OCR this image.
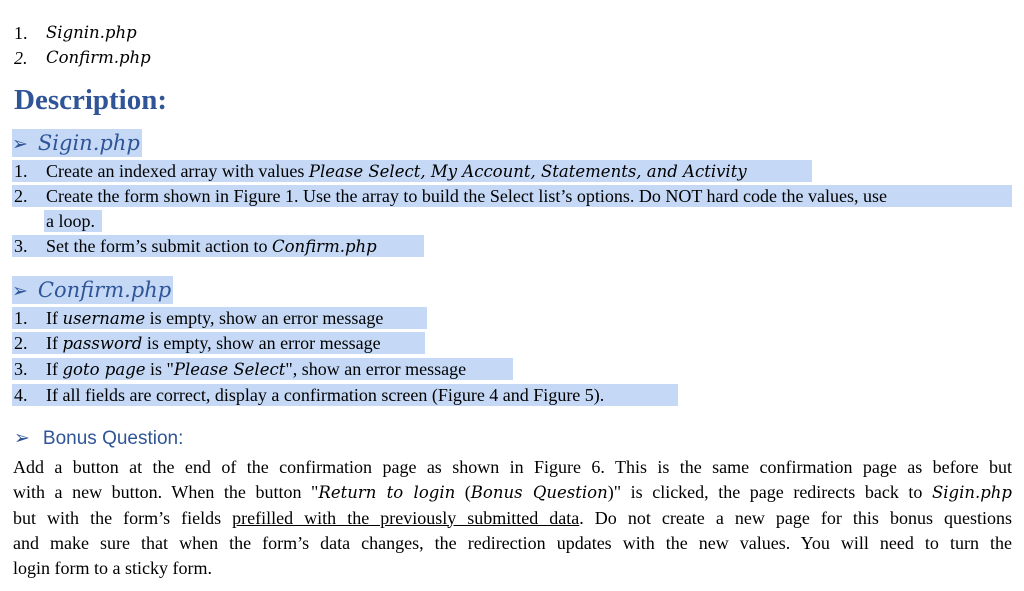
1. Signin.php
2. Confirm.php
Description:
➢ Sigin.php
1. Create an indexed array with values Please Select, My Account, Statements, and Activity
2. Create the form shown in Figure 1. Use the array to build the Select list’s options. Do NOT hard code the values, use
a loop.
3. Set the form’s submit action to Confirm.php
➢ Confirm.php
1. If username is empty, show an error message
2. If password is empty, show an error message
3. If goto page is "Please Select", show an error message
4. If all fields are correct, display a confirmation screen (Figure 4 and Figure 5).
➢ Bonus Question:
Add a button at the end of the confirmation page as shown in Figure 6. This is the same confirmation page as before but
with a new button. When the button "Return to login (Bonus Question)" is clicked, the page redirects back to Sigin.php
but with the form’s fields prefilled with the previously submitted data. Do not create a new page for this bonus questions
and make sure that when the form’s data changes, the redirection updates with the new values. You will need to turn the
login form to a sticky form.
